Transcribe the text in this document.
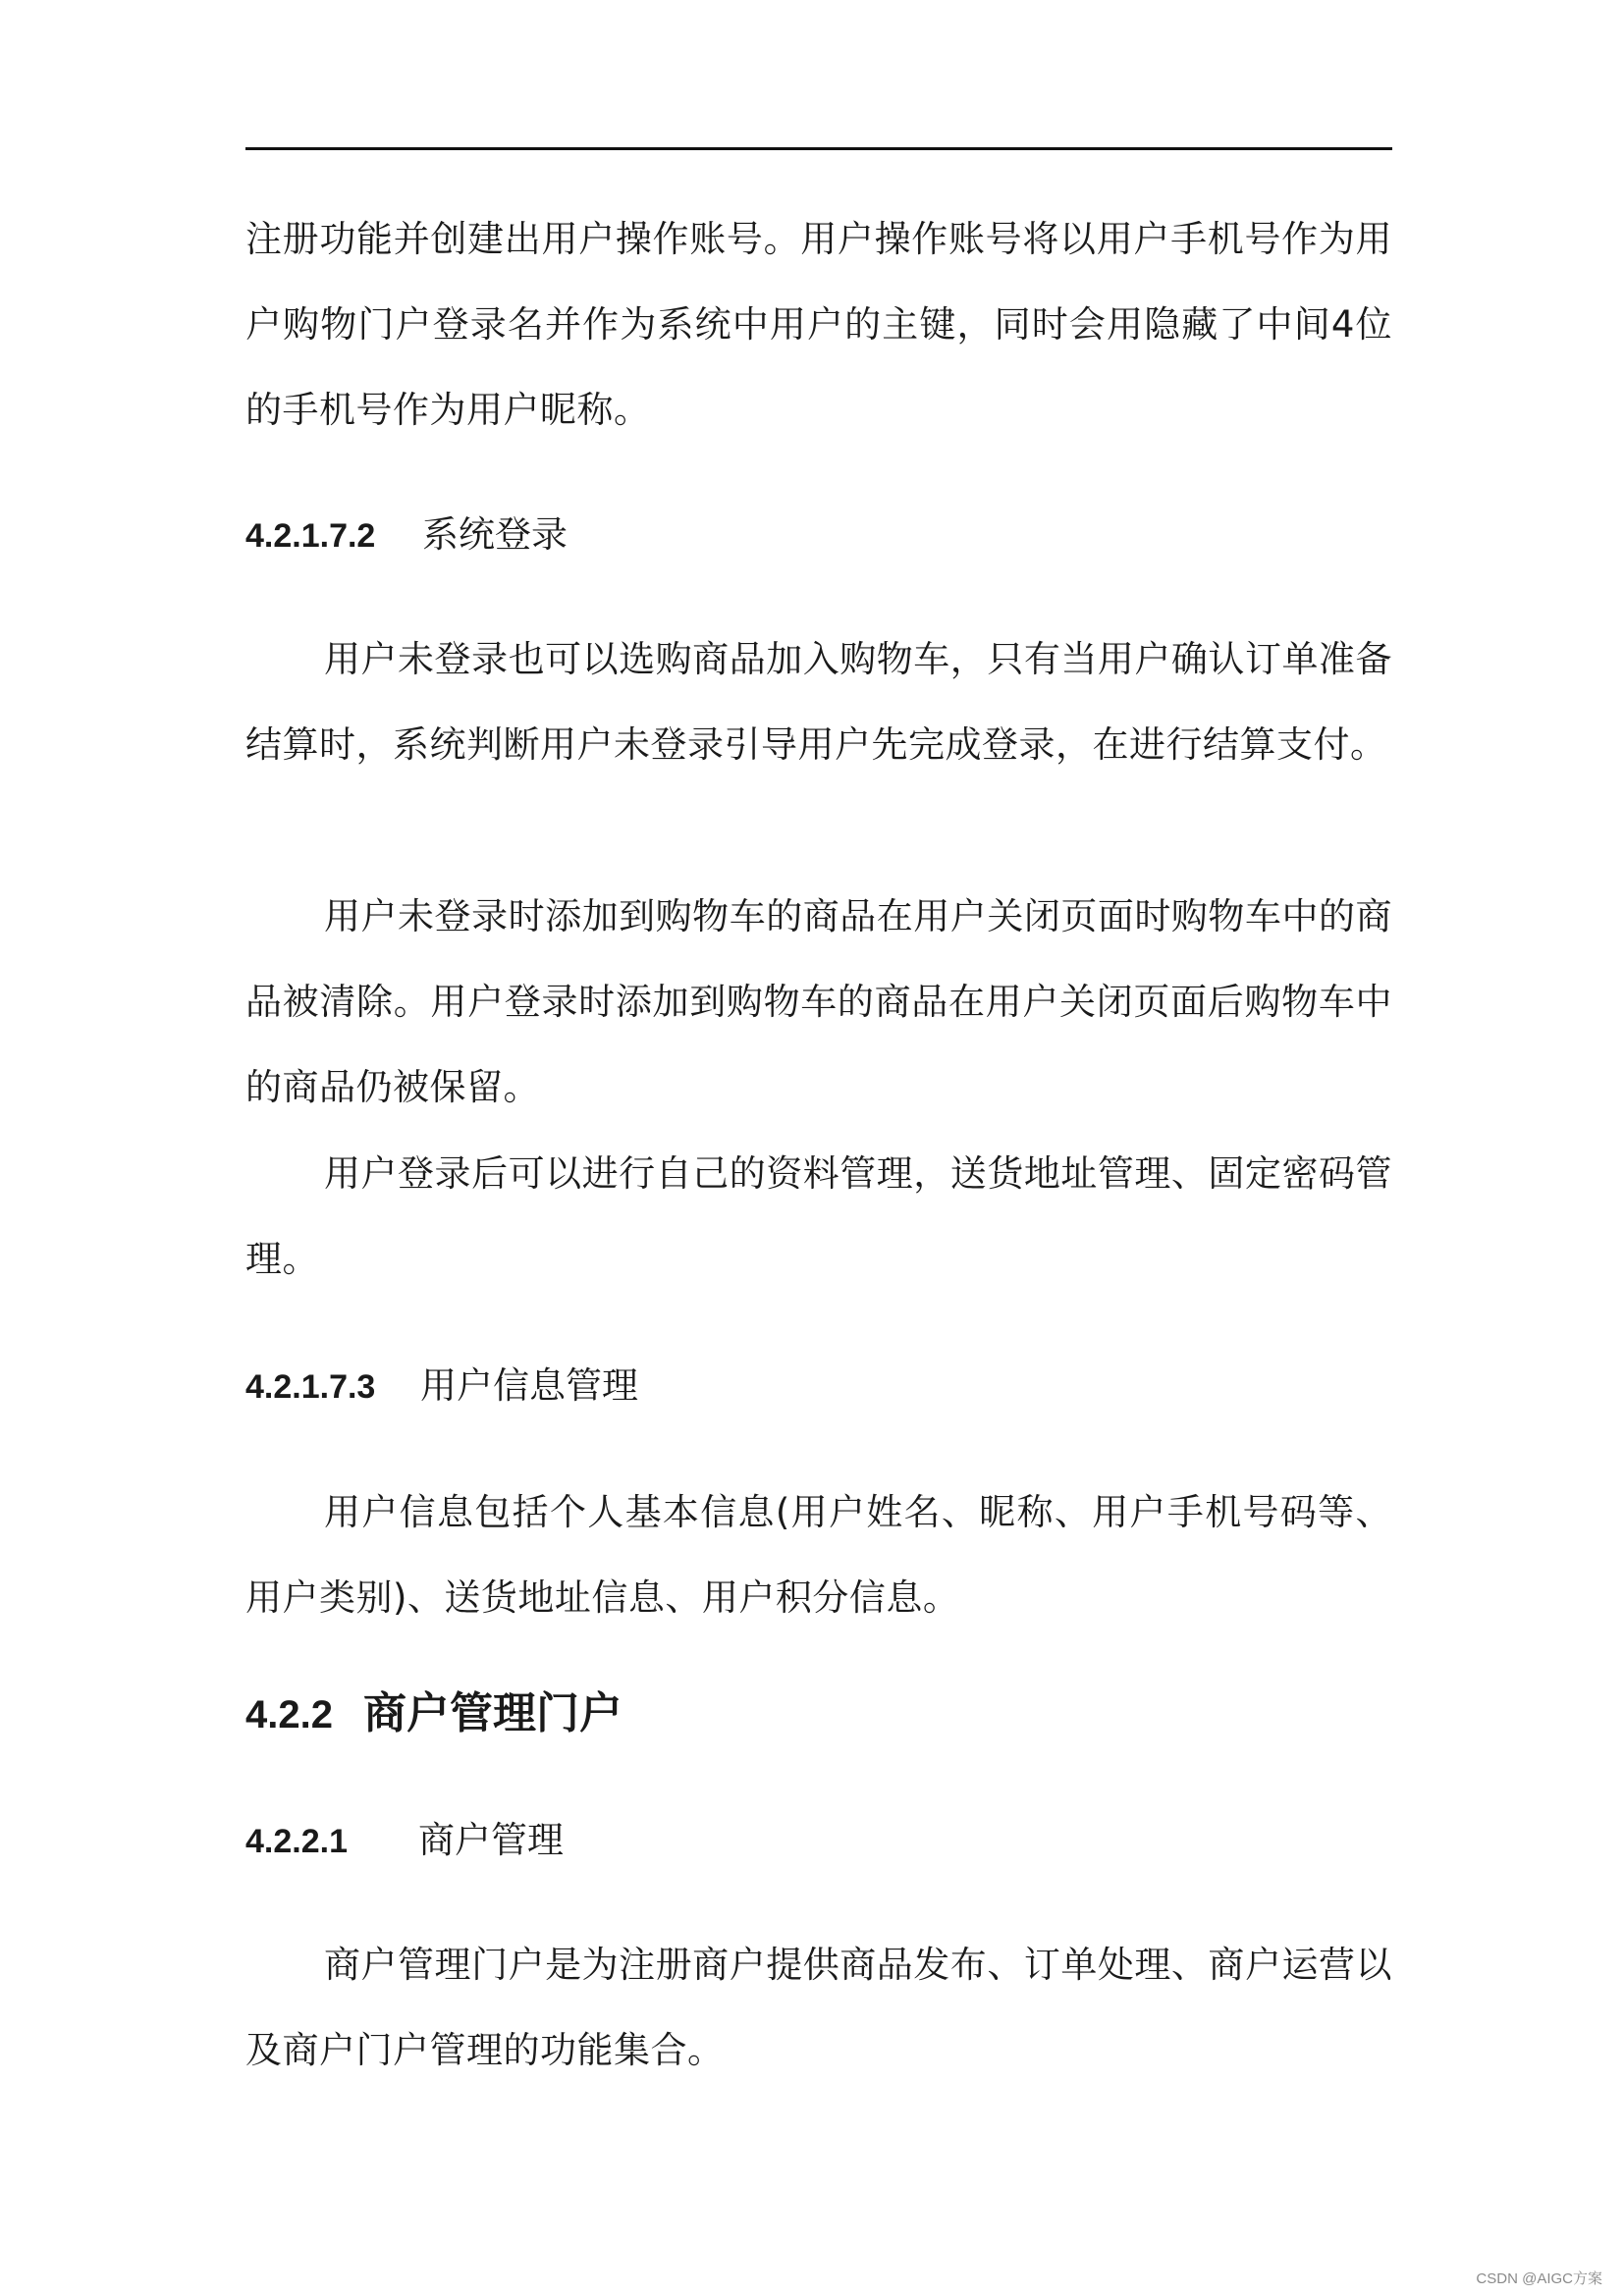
注册功能并创建出用户操作账号。用户操作账号将以用户手机号作为用户购物门户登录名并作为系统中用户的主键，同时会用隐藏了中间4位的手机号作为用户昵称。

4.2.1.7.2 系统登录

用户未登录也可以选购商品加入购物车，只有当用户确认订单准备结算时，系统判断用户未登录引导用户先完成登录，在进行结算支付。

用户未登录时添加到购物车的商品在用户关闭页面时购物车中的商品被清除。用户登录时添加到购物车的商品在用户关闭页面后购物车中的商品仍被保留。

用户登录后可以进行自己的资料管理，送货地址管理、固定密码管理。

4.2.1.7.3 用户信息管理

用户信息包括个人基本信息(用户姓名、昵称、用户手机号码等、用户类别)、送货地址信息、用户积分信息。

4.2.2 商户管理门户
4.2.2.1 商户管理

商户管理门户是为注册商户提供商品发布、订单处理、商户运营以及商户门户管理的功能集合。

CSDN @AIGC方案
